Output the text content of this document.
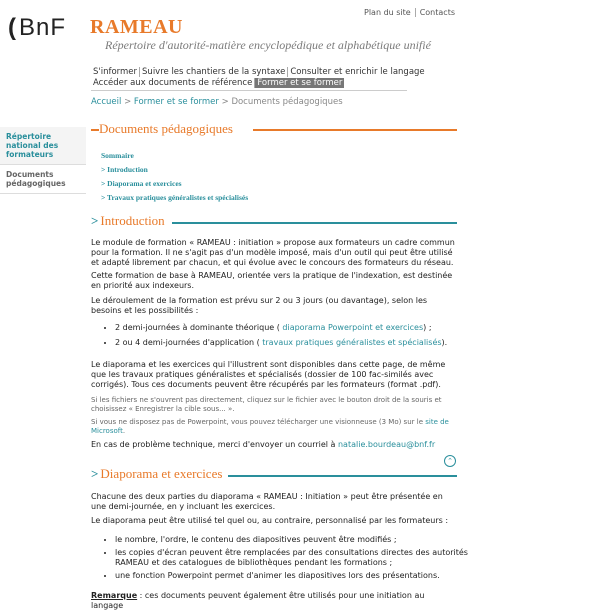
(BnF RAMEAU
Répertoire d'autorité-matière encyclopédique et alphabétique unifié
Plan du site Contacts
S'informer Suivre les chantiers de la syntaxe Consulter et enrichir le langage
Accéder aux documents de référence Former et se former
Accueil > Former et se former > Documents pédagogiques
Répertoire national des formateurs
Documents pédagogiques
Documents pédagogiques
Sommaire
> Introduction
> Diaporama et exercices
> Travaux pratiques généralistes et spécialisés
> Introduction
Le module de formation « RAMEAU : initiation » propose aux formateurs un cadre commun pour la formation. Il ne s'agit pas d'un modèle imposé, mais d'un outil qui peut être utilisé et adapté librement par chacun, et qui évolue avec le concours des formateurs du réseau.
Cette formation de base à RAMEAU, orientée vers la pratique de l'indexation, est destinée en priorité aux indexeurs.
Le déroulement de la formation est prévu sur 2 ou 3 jours (ou davantage), selon les besoins et les possibilités :
• 2 demi-journées à dominante théorique ( diaporama Powerpoint et exercices) ;
• 2 ou 4 demi-journées d'application ( travaux pratiques généralistes et spécialisés).
Le diaporama et les exercices qui l'illustrent sont disponibles dans cette page, de même que les travaux pratiques généralistes et spécialisés (dossier de 100 fac-similés avec corrigés). Tous ces documents peuvent être récupérés par les formateurs (format .pdf).
Si les fichiers ne s'ouvrent pas directement, cliquez sur le fichier avec le bouton droit de la souris et choisissez « Enregistrer la cible sous... ».
Si vous ne disposez pas de Powerpoint, vous pouvez télécharger une visionneuse (3 Mo) sur le site de Microsoft.
En cas de problème technique, merci d'envoyer un courriel à natalie.bourdeau@bnf.fr
⌃
> Diaporama et exercices
Chacune des deux parties du diaporama « RAMEAU : Initiation » peut être présentée en une demi-journée, en y incluant les exercices.
Le diaporama peut être utilisé tel quel ou, au contraire, personnalisé par les formateurs :
• le nombre, l'ordre, le contenu des diapositives peuvent être modifiés ;
• les copies d'écran peuvent être remplacées par des consultations directes des autorités RAMEAU et des catalogues de bibliothèques pendant les formations ;
• une fonction Powerpoint permet d'animer les diapositives lors des présentations.
Remarque : ces documents peuvent également être utilisés pour une initiation au langage
